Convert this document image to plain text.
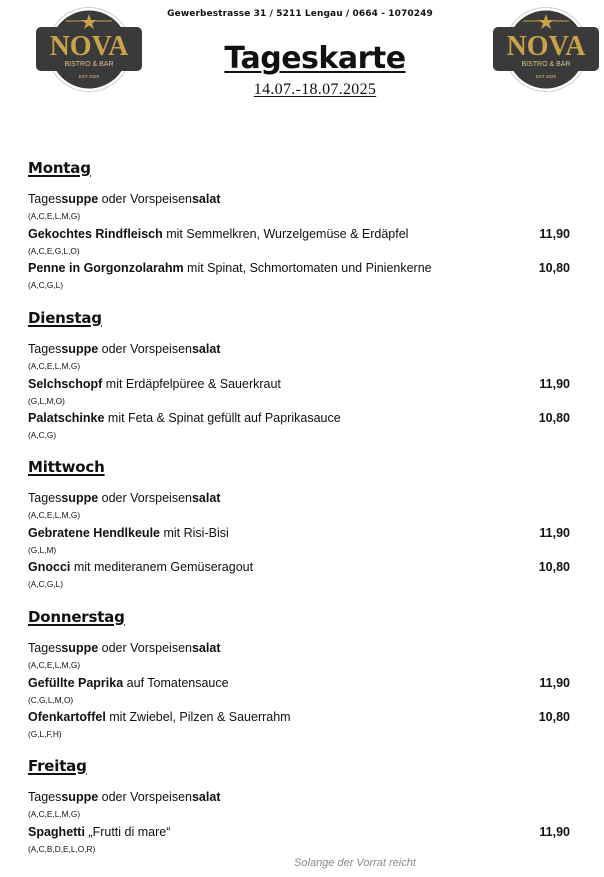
NOVA
BISTRO & BAR
EST 2025
NOVA
BISTRO & BAR
EST 2025
Gewerbestrasse 31 / 5211 Lengau / 0664 - 1070249
Tageskarte
14.07.-18.07.2025
Montag
Tagessuppe oder Vorspeisensalat
(A,C,E,L,M,G)
Gekochtes Rindfleisch mit Semmelkren, Wurzelgemüse & Erdäpfel	11,90
(A,C,E,G,L,O)
Penne in Gorgonzolarahm mit Spinat, Schmortomaten und Pinienkerne	10,80
(A,C,G,L)
Dienstag
Tagessuppe oder Vorspeisensalat
(A,C,E,L,M,G)
Selchschopf mit Erdäpfelpüree & Sauerkraut	11,90
(G,L,M,O)
Palatschinke mit Feta & Spinat gefüllt auf Paprikasauce	10,80
(A,C,G)
Mittwoch
Tagessuppe oder Vorspeisensalat
(A,C,E,L,M,G)
Gebratene Hendlkeule mit Risi-Bisi	11,90
(G,L,M)
Gnocci mit mediteranem Gemüseragout	10,80
(A,C,G,L)
Donnerstag
Tagessuppe oder Vorspeisensalat
(A,C,E,L,M,G)
Gefüllte Paprika auf Tomatensauce	11,90
(C,G,L,M,O)
Ofenkartoffel mit Zwiebel, Pilzen & Sauerrahm	10,80
(G,L,F,H)
Freitag
Tagessuppe oder Vorspeisensalat
(A,C,E,L,M,G)
Spaghetti „Frutti di mare“	11,90
(A,C,B,D,E,L,O,R)
Solange der Vorrat reicht
